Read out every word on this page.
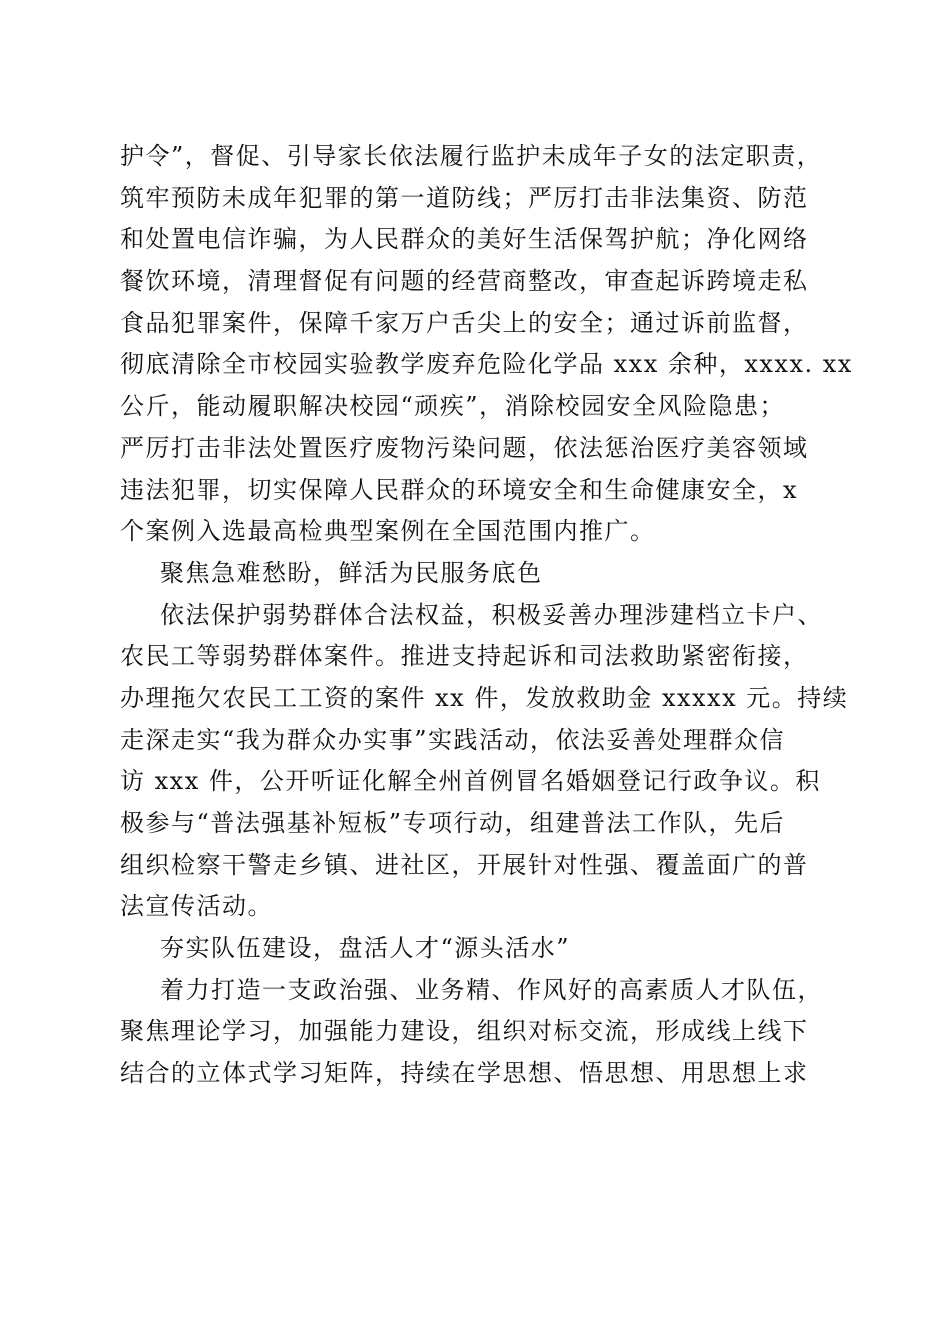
护令”，督促、引导家长依法履行监护未成年子女的法定职责，
筑牢预防未成年犯罪的第一道防线；严厉打击非法集资、防范
和处置电信诈骗，为人民群众的美好生活保驾护航；净化网络
餐饮环境，清理督促有问题的经营商整改，审查起诉跨境走私
食品犯罪案件，保障千家万户舌尖上的安全；通过诉前监督，
彻底清除全市校园实验教学废弃危险化学品 xxx 余种，xxxx. xx
公斤，能动履职解决校园“顽疾”，消除校园安全风险隐患；
严厉打击非法处置医疗废物污染问题，依法惩治医疗美容领域
违法犯罪，切实保障人民群众的环境安全和生命健康安全，x
个案例入选最高检典型案例在全国范围内推广。
聚焦急难愁盼，鲜活为民服务底色
依法保护弱势群体合法权益，积极妥善办理涉建档立卡户、
农民工等弱势群体案件。推进支持起诉和司法救助紧密衔接，
办理拖欠农民工工资的案件 xx 件，发放救助金 xxxxx 元。持续
走深走实“我为群众办实事”实践活动，依法妥善处理群众信
访 xxx 件，公开听证化解全州首例冒名婚姻登记行政争议。积
极参与“普法强基补短板”专项行动，组建普法工作队，先后
组织检察干警走乡镇、进社区，开展针对性强、覆盖面广的普
法宣传活动。
夯实队伍建设，盘活人才“源头活水”
着力打造一支政治强、业务精、作风好的高素质人才队伍，
聚焦理论学习，加强能力建设，组织对标交流，形成线上线下
结合的立体式学习矩阵，持续在学思想、悟思想、用思想上求
